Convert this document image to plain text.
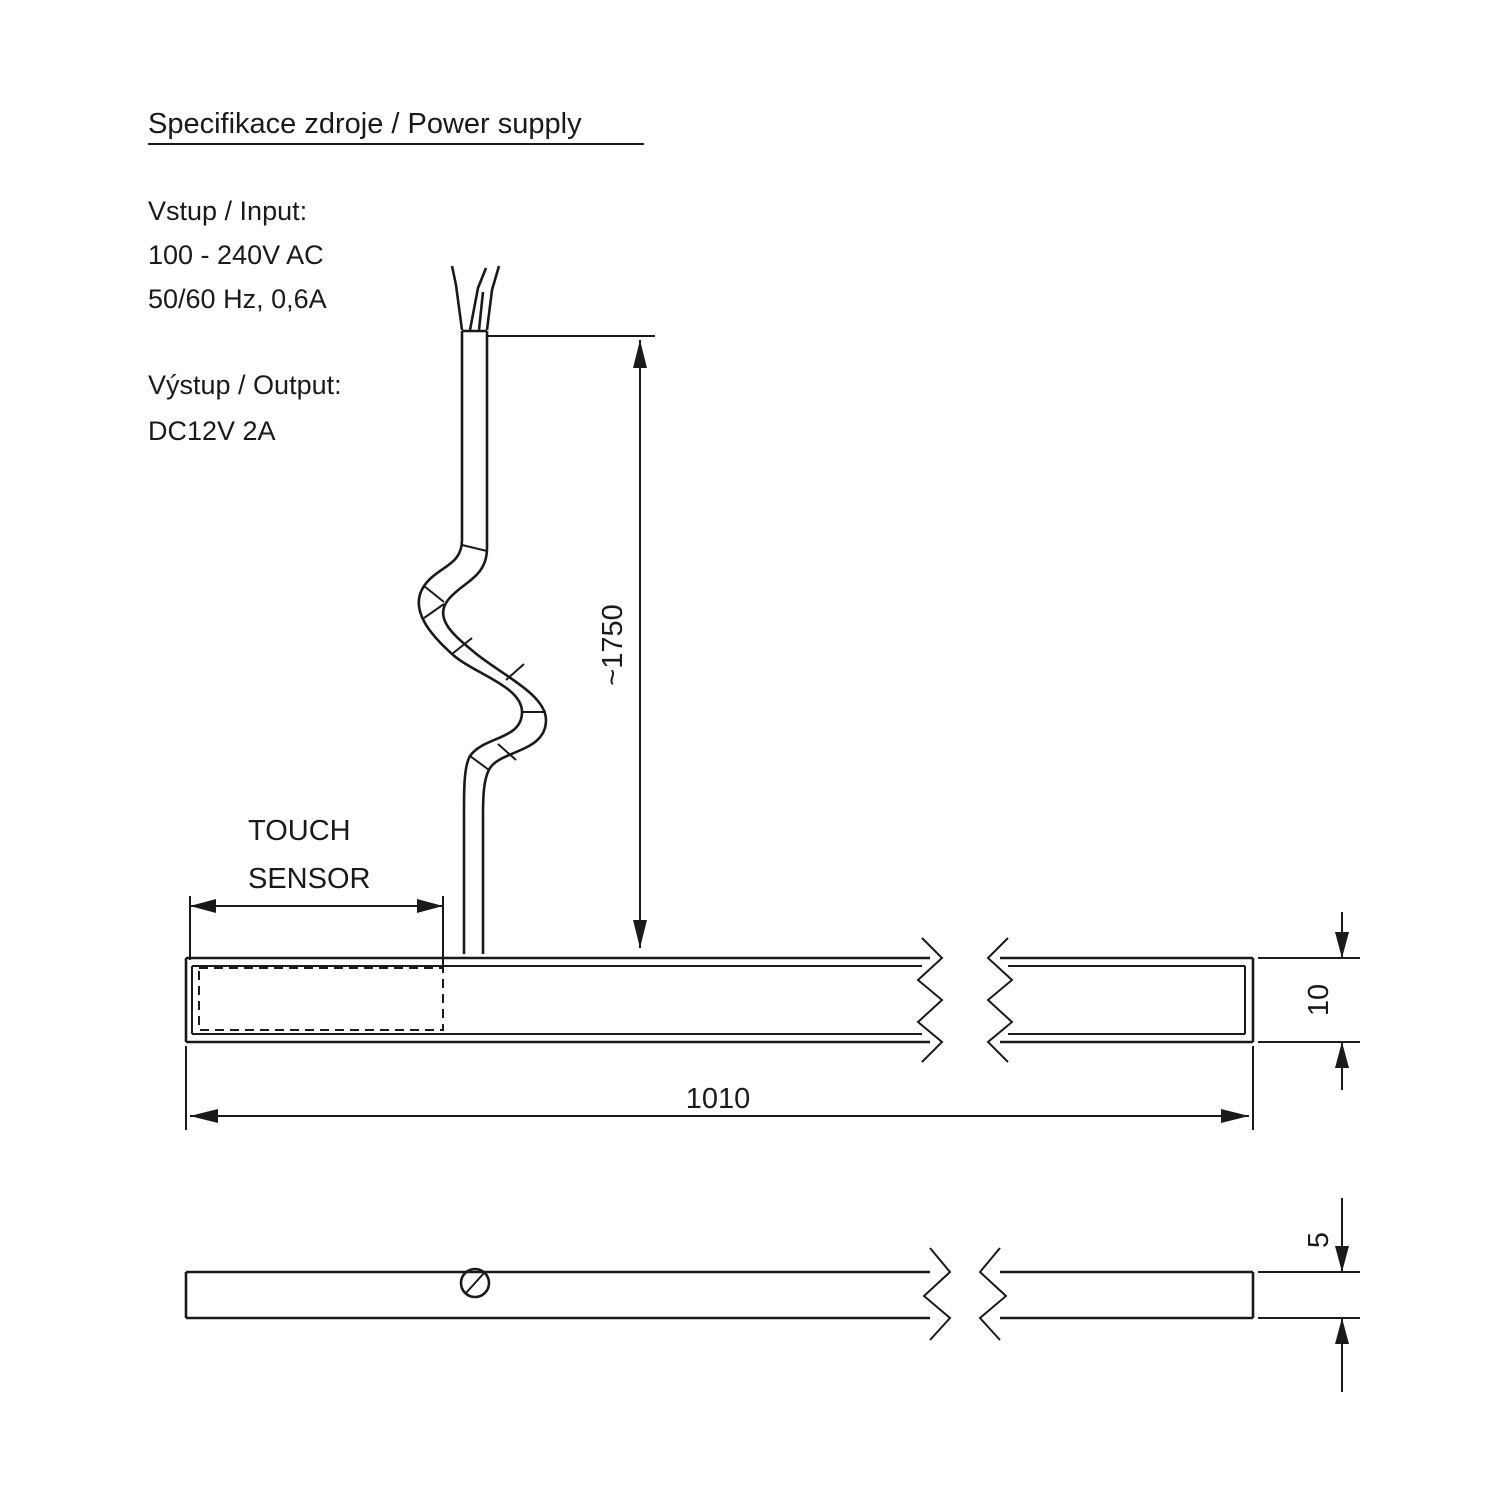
Specifikace zdroje / Power supply
Vstup / Input:
100 - 240V AC
50/60 Hz, 0,6A
Výstup / Output:
DC12V 2A
~1750
TOUCH
SENSOR
10
1010
5
